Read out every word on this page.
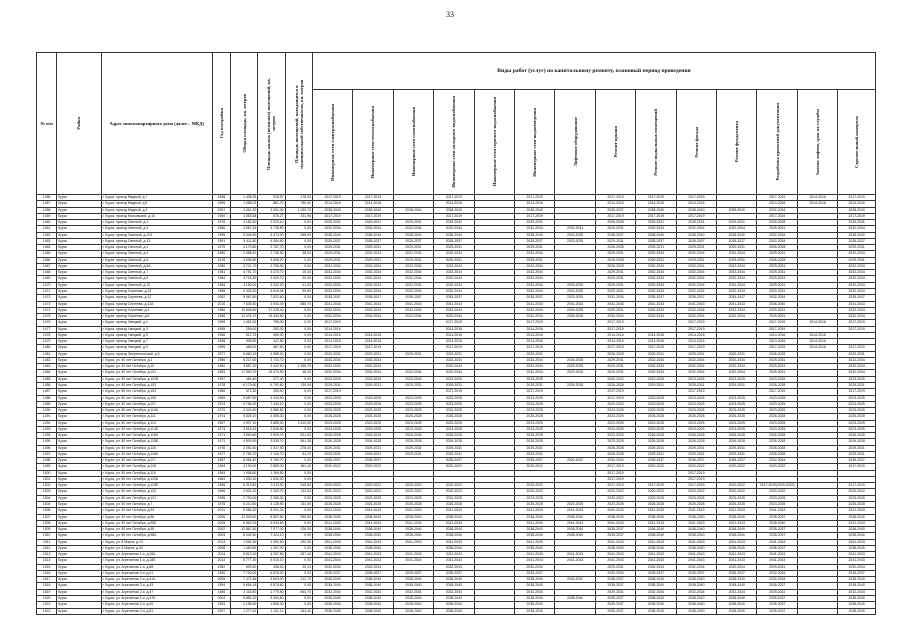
33
№ п/п	Район	Адрес многоквартирного дома (далее – МКД)	Год постройки	Общая площадь, кв. метров	Площадь жилых (нежилых) помещений, кв. метров	Площадь помещений, находящихся в муниципальной собственности, кв. метров	Виды работ (услуг) по капитальному ремонту, плановый период проведения													

							Инженерные сети электроснабжения	Инженерные сети теплоснабжения	Инженерные сети газоснабжения	Инженерные сети холодного водоснабжения	Инженерные сети горячего водоснабжения	Инженерные сети водоотведения	Лифтовое оборудование	Ремонт крыши	Ремонт подвальных помещений	Ремонт фасада	Ремонт фундамента	Разработка проектной документации	Замена лифтов, срок их службы	Строительный контроль

1456	Курск	г. Курск, проезд Медный, д.7	1958	1 408,25	915,97	178,00	2017-2019	2017-2019		2017-2019		2017-2019		2017-2019	2017-2019	2017-2019		2017-2019	2014-2016	2017-2019
1457	Курск	г. Курск, проезд Медный, д.9	1959	1 058,03	881,70	780,00	2014-2016	2014-2016		2014-2016		2014-2016		2014-2016	2014-2016	2014-2016		2014-2016	2014-2016	2014-2016
1458	Курск	г. Курск, проезд Медный, д.4	1997	3 461,30	3 051,00	1 029,70	2038-2040	2038-2040	2038-2040	2038-2040		2038-2040		2035-2037	2038-2040	2038-2040	2038-2040	2032-2034		2038-2040
1459	Курск	г. Курск, проезд Московский, д.16	1960	1 583,58	876,27	231,96	2017-2019	2017-2019		2017-2019		2017-2019		2017-2019	2017-2019	2017-2019		2017-2019		2017-2019
1460	Курск	г. Курск, проезд Светлый, д.1	1978	4 182,40	2 223,10	0,00	2029-2031	2029-2031	2029-2031	2029-2031		2029-2031		2026-2028	2029-2031	2029-2031	2029-2031	2026-2028		2029-2031
1461	Курск	г. Курск, проезд Светлый, д.3	1986	3 987,43	3 728,80	0,00	2032-2034	2032-2034	2032-2034	2032-2034		2032-2034	2032-2034	2029-2031	2032-2034	2032-2034	2032-2034	2029-2031		2032-2034
1462	Курск	г. Курск, проезд Светлый, д.11Х	1995	5 048,50	4 473,00	948,00	2038-2040	2038-2040	2038-2040	2038-2040		2038-2040	2023-2025	2035-2037	2038-2040	2038-2040	2038-2040	2032-2034		2038-2040
1463	Курск	г. Курск, проезд Светлый, д.13	1991	5 411,80	4 384,60	0,00	2035-2037	2035-2037	2035-2037	2035-2037		2035-2037	2023-2025	2029-2031	2035-2037	2035-2037	2035-2037	2032-2034		2035-2037
1464	Курск	г. Курск, проезд Светлый, д.2	1979	4 170,80	2 787,70	0,00	2029-2031	2029-2031	2029-2031	2029-2031		2029-2031		2026-2028	2029-2031	2029-2031	2029-2031	2026-2028		2029-2031
1465	Курск	г. Курск, проезд Светлый, д.4	1980	2 688,40	2 738,50	38,00	2029-2031	2032-2034	2032-2034	2032-2034		2032-2034		2029-2031	2032-2034	2032-2034	2032-2034	2029-2031		2032-2034
1466	Курск	г. Курск, проезд Светлый, д.6	1976	4 096,80	3 608,20	0,00	2029-2031	2029-2031	2029-2031	2029-2031		2029-2031		2026-2028	2029-2031	2029-2031	2029-2031	2026-2028		2029-2031
1467	Курск	г. Курск, проезд Светлый, д.6А	1980	3 721,70	2 798,90	0,00	2032-2034	2032-2034	2032-2034	2032-2034		2032-2034		2026-2028	2032-2034	2032-2034	2032-2034	2029-2031		2032-2034
1468	Курск	г. Курск, проезд Светлый, д.7	1981	4 781,70	3 470,70	15,40	2032-2034	2032-2034	2032-2034	2032-2034		2032-2034		2029-2031	2032-2034	2032-2034	2032-2034	2029-2031		2032-2034
1469	Курск	г. Курск, проезд Светлый, д.9	1984	4 715,30	3 400,70	90,40	2032-2034	2032-2034	2032-2034	2032-2034		2032-2034		2029-2031	2032-2034	2032-2034	2032-2034	2029-2031		2032-2034
1470	Курск	г. Курск, проезд Светлый, д.10	1984	4 150,00	3 232,20	41,20	2032-2034	2032-2034	2032-2034	2032-2034		2032-2034	2023-2025	2029-2031	2032-2034	2032-2034	2032-2034	2029-2031		2032-2034
1471	Курск	г. Курск, проезд Сергеева, д.10	1988	6 335,20	5 615,36	90,50	2032-2034	2032-2034	2032-2034	2032-2034		2032-2034	2023-2025	2029-2031	2032-2034	2032-2034	2032-2034	2029-2031		2032-2034
1472	Курск	г. Курск, проезд Сергеева, д.12	1992	9 067,50	7 822,60	0,00	2035-2037	2035-2037	2035-2037	2035-2037		2035-2037	2023-2025	2032-2034	2035-2037	2035-2037	2035-2037	2032-2034		2035-2037
1473	Курск	г. Курск, проезд Сергеева, д.12А	2010	7 635,40	4 943,09	585,70	2041-2043	2041-2043	2041-2043	2041-2043		2041-2043	2041-2043	2041-2043	2041-2043	2041-2043	2041-2043	2038-2040		2041-2043
1474	Курск	г. Курск, проезд Сергеева, д.4	1985	10 548,80	17 228,40	0,00	2032-2034	2032-2034	2032-2034	2032-2034		2032-2034	2026-2028	2029-2031	2032-2034	2032-2034	2032-2034	2029-2031		2032-2034
1475	Курск	г. Курск, проезд Сергеева, д.8	1986	12 476,70	15 344,60	0,00	2032-2034	2032-2034	2032-2034	2032-2034		2032-2034	2026-2028	2032-2034	2032-2034	2032-2034	2032-2034	2029-2031		2032-2034
1476	Курск	г. Курск, проезд Умецкий, д.1	1959	1 481,00	785,00	0,00	2017-2019			2017-2019		2017-2019		2017-2019		2017-2019		2017-2019	2014-2016	2017-2019
1477	Курск	г. Курск, проезд Умецкий, д.3	1959	259,00	252,00	0,00	2014-2016			2014-2016		2014-2016		2017-2019		2017-2019		2017-2019		2017-2019
1478	Курск	г. Курск, проезд Умецкий, д.5	1958	512,70	460,00	0,00	2014-2016	2014-2016		2014-2016		2014-2016		2014-2016	2014-2016	2014-2016		2014-2016	2014-2016	
1479	Курск	г. Курск, проезд Умецкий, д.7	1958	508,50	447,80	0,00	2014-2016	2014-2016		2014-2016		2014-2016		2014-2016	2014-2016	2014-2016		2014-2016	2014-2016	
1480	Курск	г. Курск, проезд Умецкий, д.9	1959	468,00	467,50	0,00	2017-2019	2017-2019		2017-2019		2017-2019		2017-2019	2017-2019	2017-2019		2017-2019	2014-2016	2017-2019
1481	Курск	г. Курск, проезд Энергетический, д.5	1977	5 660,10	4 958,20	0,00	2029-2031	2029-2031	2029-2031	2029-2031		2029-2031		2026-2028	2029-2031	2029-2031	2029-2031	2026-2028		2029-2031
1482	Курск	г. Курск, ул. 50 лет Октября, д.1	1986	5 217,60	3 743,70	0,00	2032-2034	2032-2034		2032-2034		2032-2034	2026-2028	2029-2031	2032-2034	2032-2034	2032-2034	2029-2031		2032-2034
1483	Курск	г. Курск, ул. 50 лет Октября, д.10	1982	3 887,20	3 442,50	1 255,70	2032-2034	2032-2034		2032-2034		2032-2034	2023-2025	2029-2031	2032-2034	2032-2034	2032-2034	2029-2031		2032-2034
1484	Курск	г. Курск, ул. 50 лет Октября, д.101	1983	17 590,70	15 473,50	46,20	2032-2034	2032-2034	2032-2034	2032-2034		2032-2034	2023-2025	2029-2031	2032-2034	2032-2034	2032-2034	2029-2031		2032-2034
1485	Курск	г. Курск, ул. 50 лет Октября, д.102В	1997	483,40	477,40	0,00	2023-2025	2023-2025	2023-2025	2023-2025		2023-2025		2020-2022	2023-2025	2023-2025	2023-2025	2023-2025		2023-2025
1486	Курск	г. Курск, ул. 50 лет Октября, д.103	1978	6 179,60	5 792,60	130,40	2029-2031	2029-2031	2029-2031	2029-2031		2029-2031	2026-2028	2026-2028	2029-2031	2029-2031	2029-2031	2026-2028		2029-2031
1487	Курск	г. Курск, ул. 50 лет Октября, д.104	1958	471,30	293,90	0,00	2017-2019			2017-2019		2017-2019		2017-2019		2017-2019		2017-2019		2017-2019
1488	Курск	г. Курск, ул. 50 лет Октября, д.106	1969	5 657,50	4 443,90	0,00	2023-2025	2023-2025	2023-2025	2023-2025		2023-2025		2017-2019	2023-2025	2023-2025	2023-2025	2023-2025		2023-2025
1489	Курск	г. Курск, ул. 50 лет Октября, д.107	1974	9 786,30	7 443,10	0,00	2023-2025	2023-2025	2023-2025	2023-2025		2023-2025		2020-2022	2023-2025	2023-2025	2023-2025	2023-2025		2023-2025
1490	Курск	г. Курск, ул. 50 лет Октября, д.110А	1970	4 340,40	3 586,80	0,00	2023-2025	2023-2025	2023-2025	2023-2025		2023-2025		2023-2025	2023-2025	2023-2025	2023-2025	2023-2025		2023-2025
1491	Курск	г. Курск, ул. 50 лет Октября, д.111	1974	5 825,10	4 455,30	0,00	2026-2028	2026-2028	2026-2028	2026-2028		2026-2028		2023-2025	2026-2028	2026-2028	2026-2028	2026-2028		2026-2028
1492	Курск	г. Курск, ул. 50 лет Октября, д.113	1967	4 907,10	3 889,00	2 410,00	2023-2025	2023-2025	2023-2025	2023-2025		2023-2025		2023-2025	2023-2025	2023-2025	2023-2025	2023-2025		2023-2025
1493	Курск	г. Курск, ул. 50 лет Октября, д.114Б	1973	3 516,20	2 645,80	0,00	2023-2025	2023-2025	2023-2025	2023-2025		2023-2025		2023-2025	2023-2025	2023-2025	2023-2025	2023-2025		2023-2025
1494	Курск	г. Курск, ул. 50 лет Октября, д.115А	1971	3 590,60	2 903,70	521,00	2026-2028	2026-2028	2026-2028	2026-2028		2026-2028		2023-2025	2026-2028	2026-2028	2026-2028	2026-2028		2026-2028
1495	Курск	г. Курск, ул. 50 лет Октября, д.115Б	1971	4 809,90	3 539,70	561,35	2026-2028	2026-2028	2026-2028	2026-2028		2026-2028		2023-2025	2026-2028	2026-2028	2026-2028	2026-2028		2026-2028
1496	Курск	г. Курск, ул. 50 лет Октября, д.116	1976	2 251,60	1 547,50	278,40	2029-2031	2029-2031	2029-2031	2029-2031		2029-2031		2026-2028	2029-2031	2029-2031	2029-2031	2026-2028		2029-2031
1497	Курск	г. Курск, ул. 50 лет Октября, д.116Б	1977	2 783,70	2 126,70	51,70	2029-2031	2029-2031	2029-2031	2029-2031		2029-2031		2026-2028	2029-2031	2029-2031	2029-2031	2026-2028		2029-2031
1498	Курск	г. Курск, ул. 50 лет Октября, д.117	1987	6 066,40	3 760,70	0,00	2035-2037	2035-2037		2035-2037		2035-2037	2020-2022	2032-2034	2035-2037	2035-2037	2035-2037	2032-2034		2035-2037
1499	Курск	г. Курск, ул. 50 лет Октября, д.118	1963	4 190,00	2 889,00	361,40	2020-2022	2020-2022		2020-2022		2020-2022		2017-2019	2020-2022	2020-2022	2020-2022	2020-2022		2017-2019
1500	Курск	г. Курск, ул. 50 лет Октября, д.119	1953	1 995,80	1 269,80	0,00								2017-2019		2017-2019				
1501	Курск	г. Курск, ул. 50 лет Октября, д.119А	1963	1 530,10	1 542,00	0,00								2017-2019		2017-2019				
1502	Курск	г. Курск, ул. 50 лет Октября, д.119Б	1965	5 013,80	3 113,90	915,50	2020-2022	2020-2022	2020-2022	2020-2022		2020-2022		2017-2019	2017-2019	2017-2019	2020-2022	2017-2019(2020-2022)		2017-2019
1503	Курск	г. Курск, ул. 50 лет Октября, д.120	1966	2 924,10	2 163,70	133,50	2020-2022	2020-2022	2020-2022	2020-2022		2020-2022		2020-2022	2020-2022	2020-2022	2020-2022	2020-2022		2020-2022
1504	Курск	г. Курск, ул. 50 лет Октября, д.121	1959	2 793,00	2 286,30	0,00	2023-2025	2023-2025	2023-2025	2023-2025		2023-2025		2020-2022	2023-2025	2023-2025	2023-2025	2023-2025		2023-2025
1505	Курск	г. Курск, ул. 50 лет Октября, д.7	1975	5 210,50	4 128,90	211,00	2026-2028	2026-2028	2026-2028	2026-2028		2026-2028	2023-2025	2023-2025	2026-2028	2026-2028	2026-2028	2023-2025		2026-2028
1506	Курск	г. Курск, ул. 50 лет Октября, д.94	2011	9 086,20	8 001,24	0,00	2041-2043	2041-2043	2041-2043	2041-2043		2041-2043	2041-2043	2041-2043	2041-2043	2041-2043	2041-2043	2041-2043		2041-2043
1507	Курск	г. Курск, ул. 50 лет Октября, д.96	2006	12 540,60	8 597,60	299,90	2038-2040	2038-2040	2038-2040	2038-2040		2038-2040	2038-2040	2038-2040	2038-2040	2038-2040	2038-2040	2035-2037		2038-2040
1508	Курск	г. Курск, ул. 50 лет Октября, д.96Б	2008	6 862,00	5 934,60	0,00	2041-2043	2041-2043	2041-2043	2041-2043		2041-2043	2041-2043	2041-2043	2041-2043	2041-2043	2041-2043	2038-2040		2041-2043
1509	Курск	г. Курск, ул. 50 лет Октября, д.98	2002	12 867,80	7 977,00	126,20	2038-2040	2038-2040	2038-2040	2038-2040		2038-2040	2038-2040	2035-2037	2038-2040	2038-2040	2038-2040	2035-2037		2038-2040
1510	Курск	г. Курск, ул. 50 лет Октября, д.98А	2003	8 042,50	7 424,10	0,00	2038-2040	2038-2040	2038-2040	2038-2040		2038-2040	2038-2040	2035-2037	2038-2040	2038-2040	2038-2040	2035-2037		2038-2040
1511	Курск	г. Курск, ул. 8 Марта, д.13	2013	1 054,30	1 052,50	192,30	2041-2043	2041-2043	2041-2043	2041-2043		2041-2043		2041-2043	2041-2043	2041-2043	2041-2043	2041-2043		2041-2043
1512	Курск	г. Курск, ул. 8 Марта, д.30	2008	1 463,90	1 407,00	0,00	2038-2040	2038-2040		2038-2040		2038-2040		2038-2040	2038-2040	2038-2040	2038-2040	2035-2037		2038-2040
1513	Курск	г. Курск, ул. Агрегатная 1-я, д.18А	2014	5 812,20	4 267,80	267,40	2041-2043	2041-2043	2041-2043	2041-2043		2041-2043	2041-2043	2041-2043	2041-2043	2041-2043	2041-2043	2041-2043		2041-2043
1514	Курск	г. Курск, ул. Агрегатная 1-я, д.18Б	2014	5 777,30	5 015,10	0,00	2041-2043	2041-2043	2041-2043	2041-2043		2041-2043	2041-2043	2041-2043	2041-2043	2041-2043	2041-2043	2041-2043		2041-2043
1515	Курск	г. Курск, ул. Агрегатная 1-я, д.88	1982	609,50	438,40	20,13	2032-2034	2032-2034		2032-2034		2032-2034		2029-2031	2032-2034	2032-2034	2032-2034	2029-2031		2032-2034
1516	Курск	г. Курск, ул. Агрегатная 2-я, д.41	1990	7 700,00	6 876,00	0,00	2035-2037	2035-2037	2035-2037	2035-2037		2035-2037		2032-2034	2035-2037	2035-2037	2035-2037	2032-2034		2035-2037
1517	Курск	г. Курск, ул. Агрегатная 2-я, д.41А	2005	7 472,46	4 603,00	212,70	2038-2040	2038-2040	2038-2040	2038-2040		2038-2040	2020-2022	2035-2037	2038-2040	2038-2040	2038-2040	2032-2034		2038-2040
1518	Курск	г. Курск, ул. Агрегатная 2-я, д.43	1994	5 654,18	5 574,60	0,00	2038-2040	2038-2040	2038-2040	2038-2040		2038-2040		2035-2037	2038-2040	2038-2040	2038-2040	2035-2037		2038-2040
1519	Курск	г. Курск, ул. Агрегатная 2-я, д.47	1985	2 118,50	1 775,50	844,70	2032-2034	2032-2034	2032-2034	2032-2034		2032-2034		2029-2031	2032-2034	2032-2034	2032-2034	2029-2031		2032-2034
1520	Курск	г. Курск, ул. Агрегатная 2-я, д.47Б	2003	5 882,20	5 394,80	0,00	2038-2040	2038-2040	2038-2040	2038-2040		2038-2040	2038-2040	2035-2037	2038-2040	2038-2040	2038-2040	2035-2037		2038-2040
1521	Курск	г. Курск, ул. Агрегатная 2-я, д.49	1993	2 158,60	1 896,30	0,00	2038-2040	2038-2040	2038-2040	2038-2040		2038-2040		2035-2037	2038-2040	2038-2040	2038-2040	2035-2037		2038-2040
1522	Курск	г. Курск, ул. Агрегатная 2-я, д.51	1997	1 277,62	1 131,12	344,40	2038-2040	2038-2040	2038-2040	2038-2040		2038-2040		2035-2037	2038-2040	2038-2040	2038-2040	2035-2037		2038-2040
